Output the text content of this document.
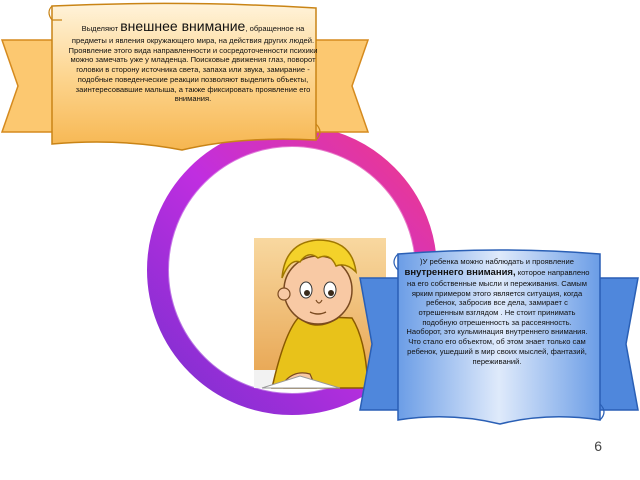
Выделяют внешнее внимание, обращенное на предметы и явления окружающего мира, на действия других людей. Проявление этого вида направленности и сосредоточенности психики можно замечать уже у младенца. Поисковые движения глаз, поворот головки в сторону источника света, запаха или звука, замирание - подобные поведенческие реакции позволяют выделить объекты, заинтересовавшие малыша, а также фиксировать проявление его внимания.
)У ребенка можно наблюдать и проявление внутреннего внимания, которое направлено на его собственные мысли и переживания. Самым ярким примером этого является ситуация, когда ребенок, забросив все дела, замирает с отрешенным взглядом . Не стоит принимать подобную отрешенность за рассеянность. Наоборот, это кульминация внутреннего внимания. Что стало его объектом, об этом знает только сам ребенок, ушедший в мир своих мыслей, фантазий, переживаний.
6
